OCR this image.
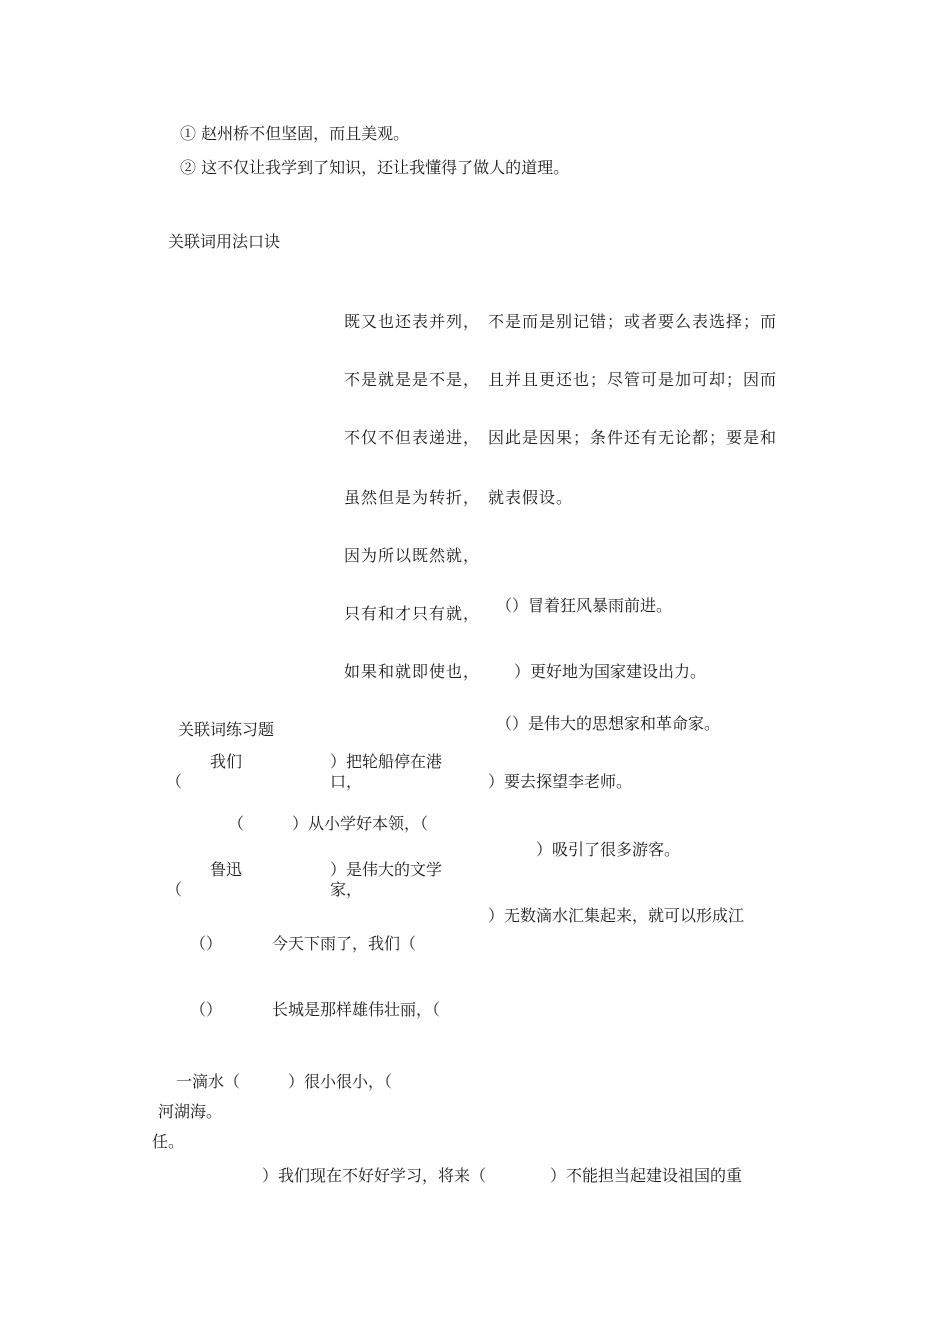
① 赵州桥不但坚固，而且美观。
② 这不仅让我学到了知识，还让我懂得了做人的道理。
关联词用法口诀
既又也还表并列，
不是就是是不是，
不仅不但表递进，
虽然但是为转折，
因为所以既然就，
只有和才只有就，
如果和就即使也，
不是而是别记错；或者要么表选择；而
且并且更还也；尽管可是加可却；因而
因此是因果；条件还有无论都；要是和
就表假设。
（）冒着狂风暴雨前进。
）更好地为国家建设出力。
关联词练习题	（）是伟大的思想家和革命家。
我们	）把轮船停在港
（	口，	）要去探望李老师。
（　　　）从小学好本领，（
）吸引了很多游客。
鲁迅	）是伟大的文学
（	家，
）无数滴水汇集起来，就可以形成江
（）	今天下雨了，我们（
（）	长城是那样雄伟壮丽，（
一滴水（　　　）很小很小，（
河湖海。
任。
）我们现在不好好学习，将来（　　　　）不能担当起建设祖国的重
